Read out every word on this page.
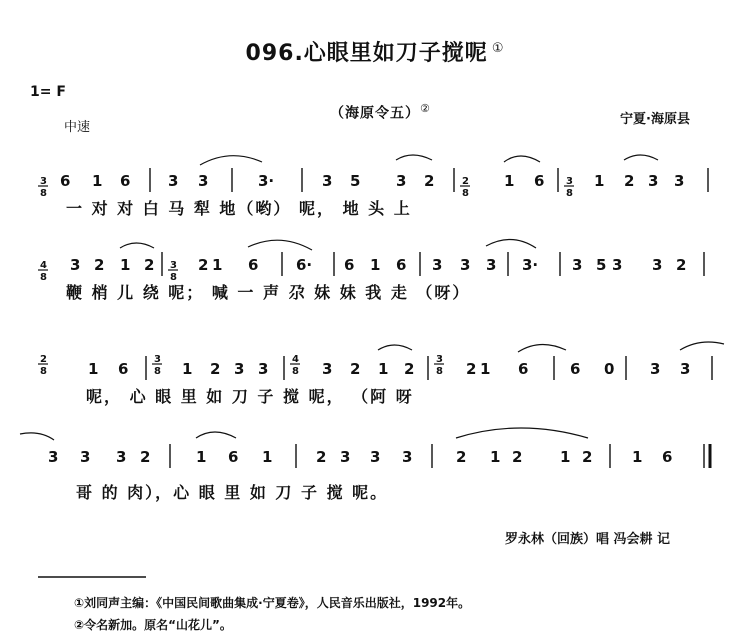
096.心眼里如刀子搅呢 ①
1= F
中速
（海原令五）②
宁夏·海原县
3
8
6 1 6	3 3	3·	3 5 3 2	2
8
1 6 3
8
1 2 3 3
4
8
3 2 1 2 3
8
2 1 6	6· 6 1 6 3 3 3 3· 3 5 3 3 2
2
8	1 6
3
8 1 2 3 3
4
8 3 2 1 2
3
8 2 1 6	6 0 3 3
3 3 3 2	1 6 1	2 3 3 3	2 1 2	1 2	1 6
一 对 对 白 马 犁 地（哟） 呢， 地 头 上
鞭 梢 儿 绕 呢； 喊 一 声 尕 妹 妹 我 走 （呀）
呢， 心 眼 里 如 刀 子 搅 呢， （阿 呀
哥 的 肉），心 眼 里 如 刀 子 搅 呢。
罗永林（回族）唱 冯会耕 记
①刘同声主编：《中国民间歌曲集成·宁夏卷》，人民音乐出版社，1992年。
②令名新加。原名“山花儿”。
